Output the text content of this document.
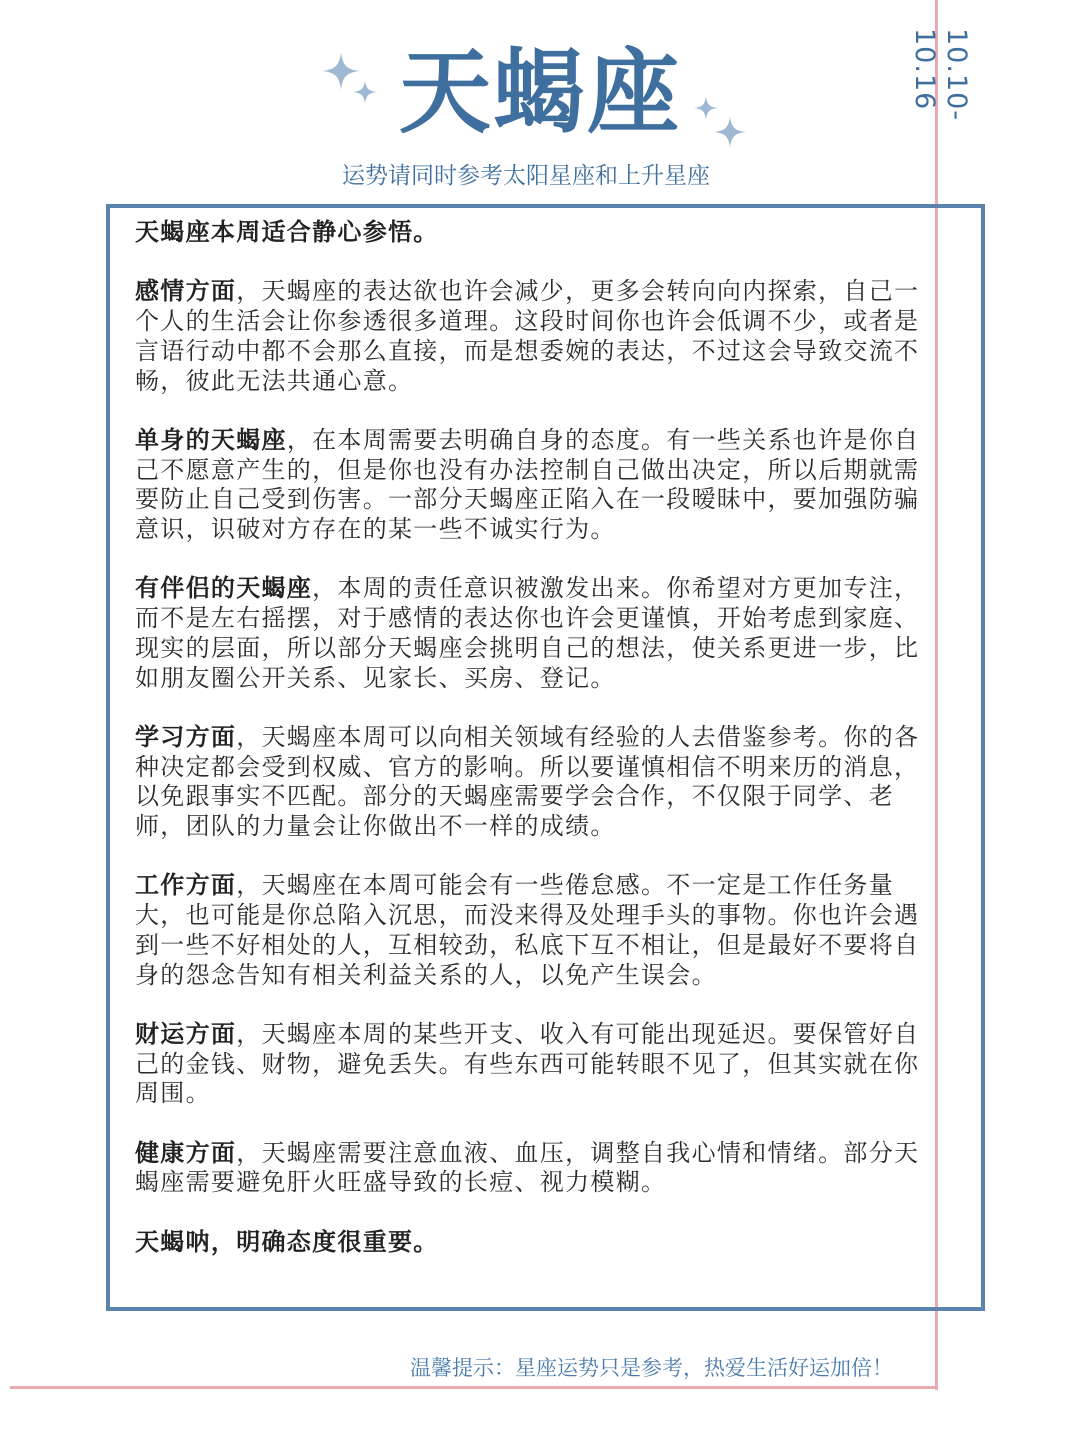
天蝎座
运势请同时参考太阳星座和上升星座
10.10-10.16

天蝎座本周适合静心参悟。

感情方面，天蝎座的表达欲也许会减少，更多会转向向内探索，自己一个人的生活会让你参透很多道理。这段时间你也许会低调不少，或者是言语行动中都不会那么直接，而是想委婉的表达，不过这会导致交流不畅，彼此无法共通心意。

单身的天蝎座，在本周需要去明确自身的态度。有一些关系也许是你自己不愿意产生的，但是你也没有办法控制自己做出决定，所以后期就需要防止自己受到伤害。一部分天蝎座正陷入在一段暧昧中，要加强防骗意识，识破对方存在的某一些不诚实行为。

有伴侣的天蝎座，本周的责任意识被激发出来。你希望对方更加专注，而不是左右摇摆，对于感情的表达你也许会更谨慎，开始考虑到家庭、现实的层面，所以部分天蝎座会挑明自己的想法，使关系更进一步，比如朋友圈公开关系、见家长、买房、登记。

学习方面，天蝎座本周可以向相关领域有经验的人去借鉴参考。你的各种决定都会受到权威、官方的影响。所以要谨慎相信不明来历的消息，以免跟事实不匹配。部分的天蝎座需要学会合作，不仅限于同学、老师，团队的力量会让你做出不一样的成绩。

工作方面，天蝎座在本周可能会有一些倦怠感。不一定是工作任务量大，也可能是你总陷入沉思，而没来得及处理手头的事物。你也许会遇到一些不好相处的人，互相较劲，私底下互不相让，但是最好不要将自身的怨念告知有相关利益关系的人，以免产生误会。

财运方面，天蝎座本周的某些开支、收入有可能出现延迟。要保管好自己的金钱、财物，避免丢失。有些东西可能转眼不见了，但其实就在你周围。

健康方面，天蝎座需要注意血液、血压，调整自我心情和情绪。部分天蝎座需要避免肝火旺盛导致的长痘、视力模糊。

天蝎呐，明确态度很重要。

温馨提示：星座运势只是参考，热爱生活好运加倍！
